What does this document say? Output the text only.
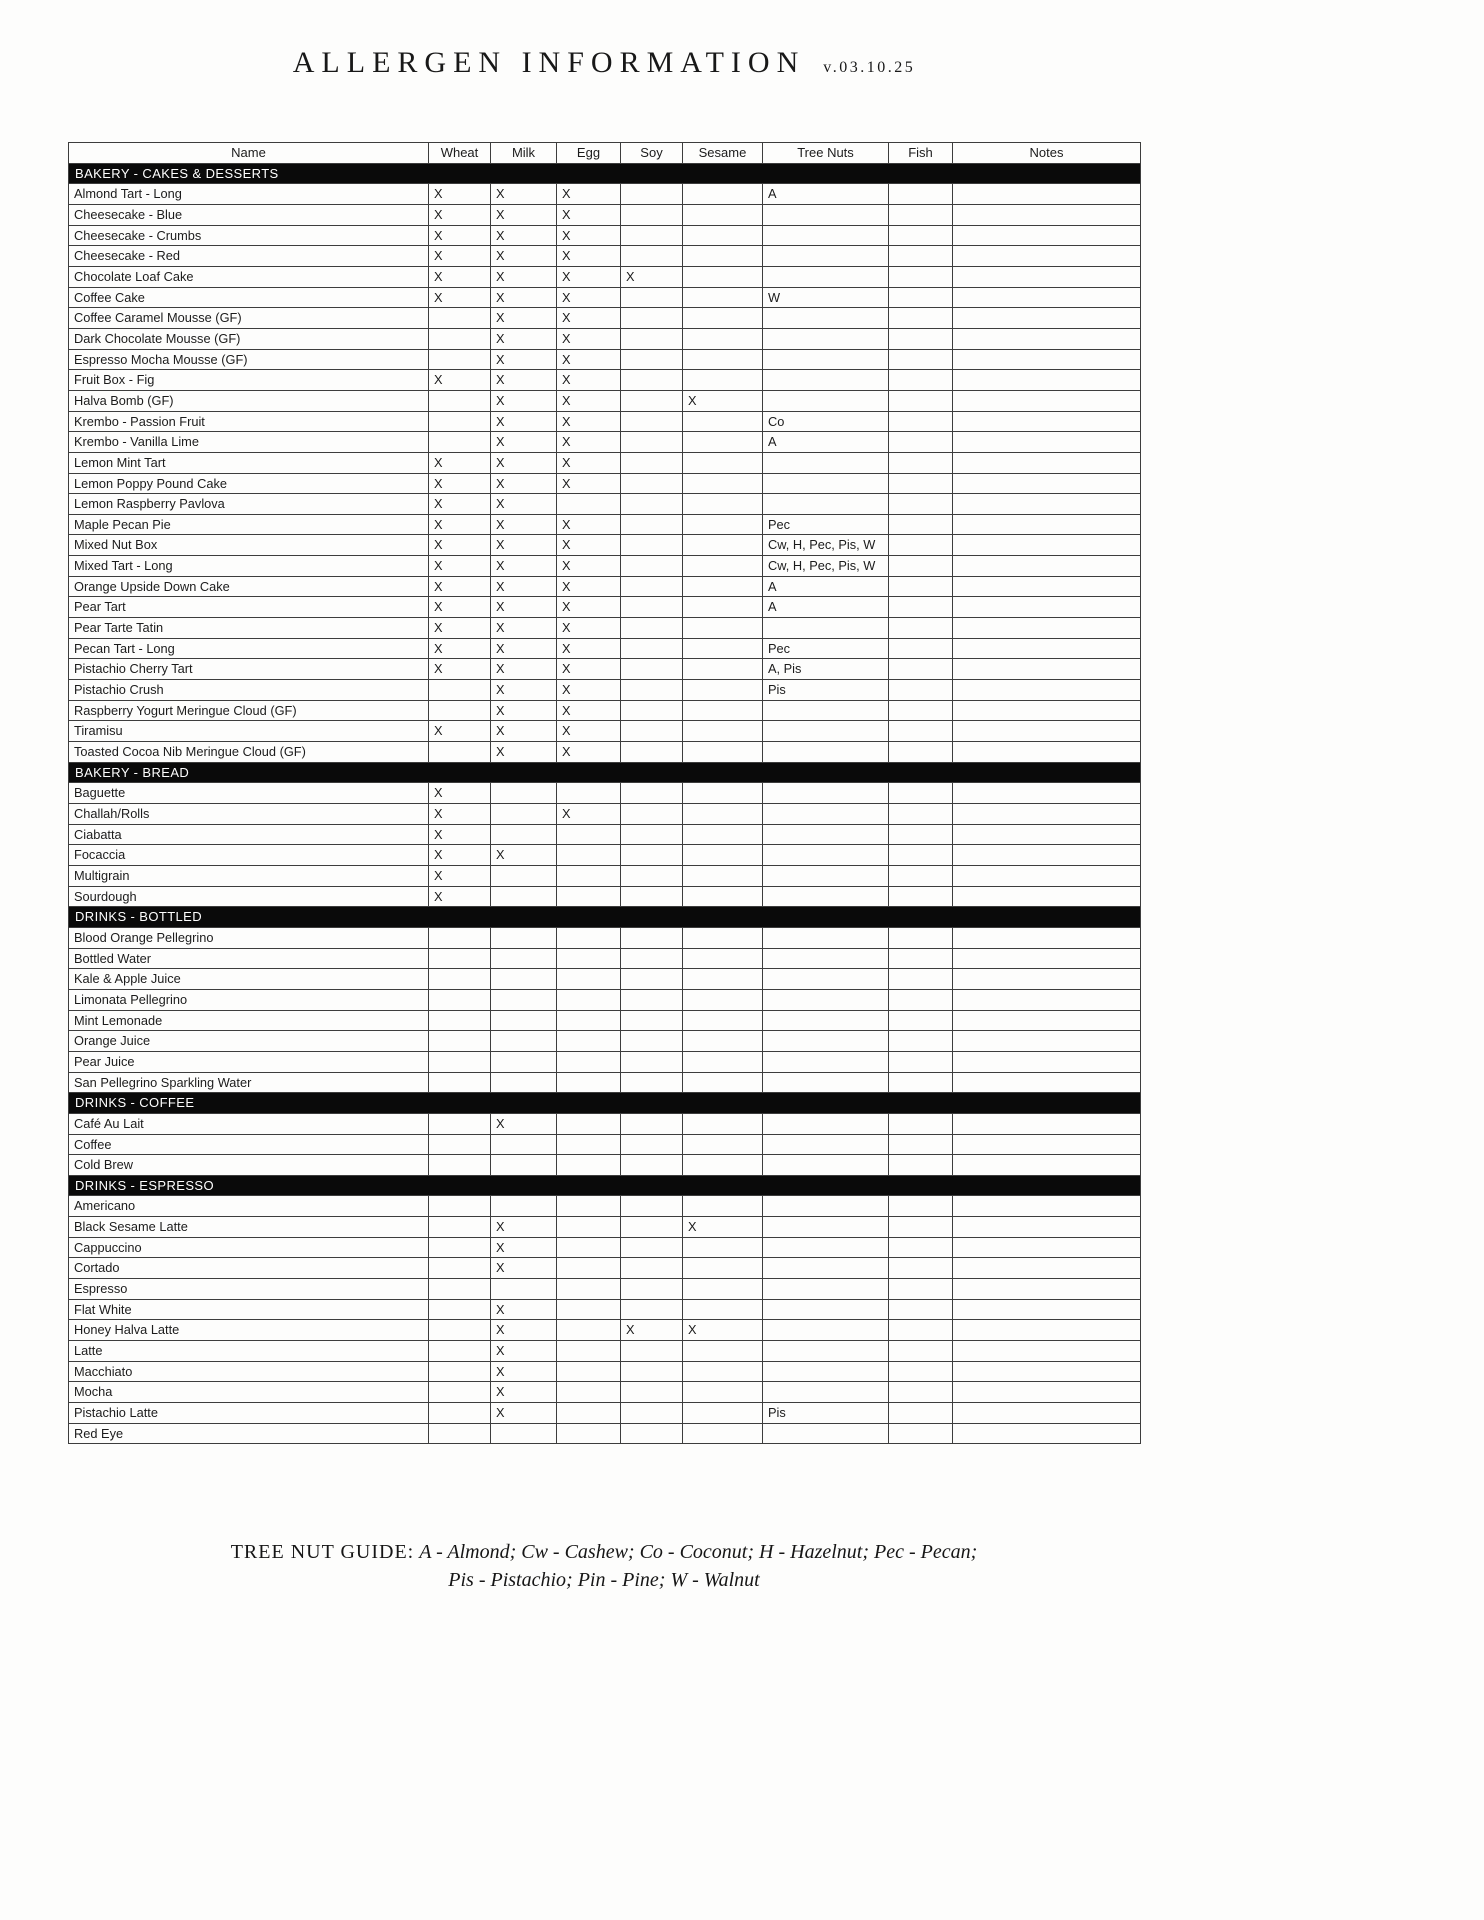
ALLERGEN INFORMATION v.03.10.25
Name	Wheat	Milk	Egg	Soy	Sesame	Tree Nuts	Fish	Notes
BAKERY - CAKES & DESSERTS								
Almond Tart - Long	X	X	X			A		
Cheesecake - Blue	X	X	X					
Cheesecake - Crumbs	X	X	X					
Cheesecake - Red	X	X	X					
Chocolate Loaf Cake	X	X	X	X				
Coffee Cake	X	X	X			W		
Coffee Caramel Mousse (GF)		X	X					
Dark Chocolate Mousse (GF)		X	X					
Espresso Mocha Mousse (GF)		X	X					
Fruit Box - Fig	X	X	X					
Halva Bomb (GF)		X	X		X			
Krembo - Passion Fruit		X	X			Co		
Krembo - Vanilla Lime		X	X			A		
Lemon Mint Tart	X	X	X					
Lemon Poppy Pound Cake	X	X	X					
Lemon Raspberry Pavlova	X	X						
Maple Pecan Pie	X	X	X			Pec		
Mixed Nut Box	X	X	X			Cw, H, Pec, Pis, W		
Mixed Tart - Long	X	X	X			Cw, H, Pec, Pis, W		
Orange Upside Down Cake	X	X	X			A		
Pear Tart	X	X	X			A		
Pear Tarte Tatin	X	X	X					
Pecan Tart - Long	X	X	X			Pec		
Pistachio Cherry Tart	X	X	X			A, Pis		
Pistachio Crush		X	X			Pis		
Raspberry Yogurt Meringue Cloud (GF)		X	X					
Tiramisu	X	X	X					
Toasted Cocoa Nib Meringue Cloud (GF)		X	X					
BAKERY - BREAD								
Baguette	X							
Challah/Rolls	X		X					
Ciabatta	X							
Focaccia	X	X						
Multigrain	X							
Sourdough	X							
DRINKS - BOTTLED								
Blood Orange Pellegrino								
Bottled Water								
Kale & Apple Juice								
Limonata Pellegrino								
Mint Lemonade								
Orange Juice								
Pear Juice								
San Pellegrino Sparkling Water								
DRINKS - COFFEE								
Café Au Lait		X						
Coffee								
Cold Brew								
DRINKS - ESPRESSO								
Americano								
Black Sesame Latte		X			X			
Cappuccino		X						
Cortado		X						
Espresso								
Flat White		X						
Honey Halva Latte		X		X	X			
Latte		X						
Macchiato		X						
Mocha		X						
Pistachio Latte		X				Pis		
Red Eye								
TREE NUT GUIDE: A - Almond; Cw - Cashew; Co - Coconut; H - Hazelnut; Pec - Pecan;
Pis - Pistachio; Pin - Pine; W - Walnut
